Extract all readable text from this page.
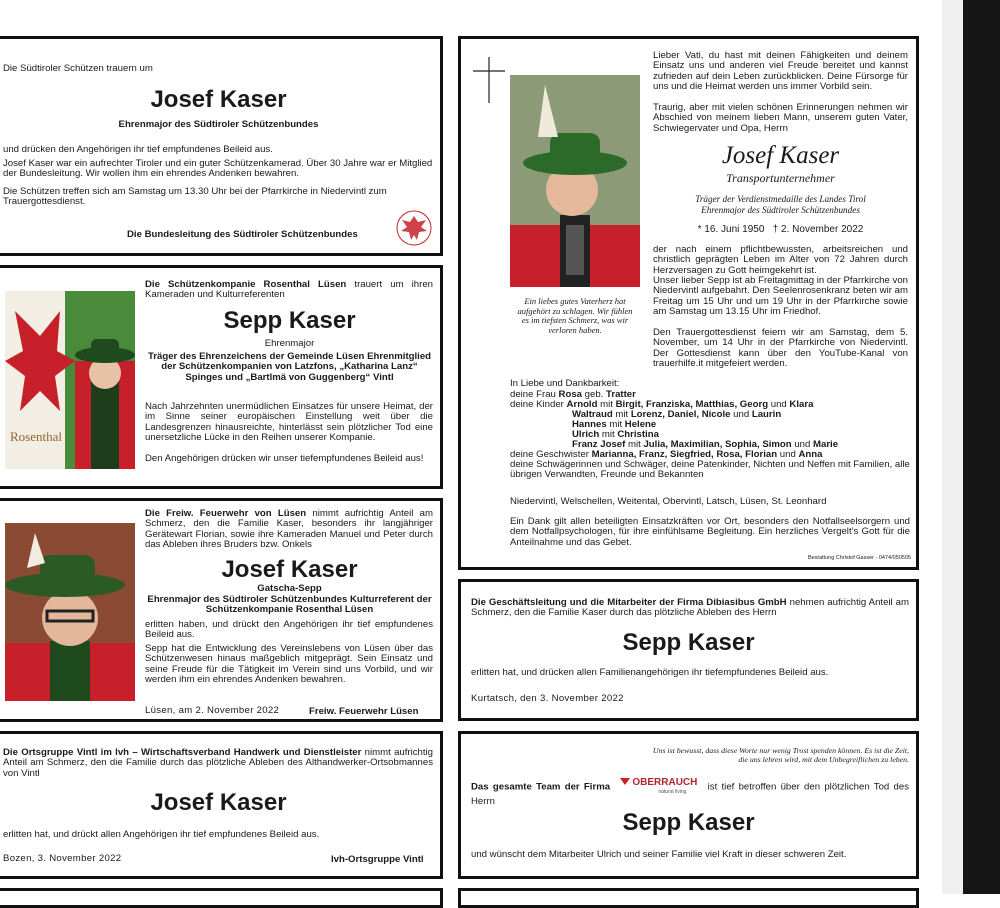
Die Südtiroler Schützen trauern um

Josef Kaser

Ehrenmajor des Südtiroler Schützenbundes

und drücken den Angehörigen ihr tief empfundenes Beileid aus.

Josef Kaser war ein aufrechter Tiroler und ein guter Schützenkamerad. Über 30 Jahre war er Mitglied der Bundesleitung. Wir wollen ihm ein ehrendes Andenken bewahren.

Die Schützen treffen sich am Samstag um 13.30 Uhr bei der Pfarrkirche in Niedervintl zum Trauergottesdienst.

Die Bundesleitung des Südtiroler Schützenbundes

Rosenthal

Die Schützenkompanie Rosenthal Lüsen trauert um ihren Kameraden und Kulturreferenten

Sepp Kaser

Ehrenmajor

Träger des Ehrenzeichens der Gemeinde Lüsen Ehrenmitglied der Schützenkompanien von Latzfons, „Katharina Lanz“ Spinges und „Bartlmä von Guggenberg“ Vintl

Nach Jahrzehnten unermüdlichen Einsatzes für unsere Heimat, der im Sinne seiner europäischen Einstellung weit über die Landesgrenzen hinausreichte, hinterlässt sein plötzlicher Tod eine unersetzliche Lücke in den Reihen unserer Kompanie.

Den Angehörigen drücken wir unser tiefempfundenes Beileid aus!

Die Freiw. Feuerwehr von Lüsen nimmt aufrichtig Anteil am Schmerz, den die Familie Kaser, besonders ihr langjähriger Gerätewart Florian, sowie ihre Kameraden Manuel und Peter durch das Ableben ihres Bruders bzw. Onkels

Josef Kaser

Gatscha-Sepp

Ehrenmajor des Südtiroler Schützenbundes Kulturreferent der Schützenkompanie Rosenthal Lüsen

erlitten haben, und drückt den Angehörigen ihr tief empfundenes Beileid aus.

Sepp hat die Entwicklung des Vereinslebens von Lüsen über das Schützenwesen hinaus maßgeblich mitgeprägt. Sein Einsatz und seine Freude für die Tätigkeit im Verein sind uns Vorbild, und wir werden ihm ein ehrendes Andenken bewahren.

Lüsen, am 2. November 2022	Freiw. Feuerwehr Lüsen

Die Ortsgruppe Vintl im lvh – Wirtschaftsverband Handwerk und Dienstleister nimmt aufrichtig Anteil am Schmerz, den die Familie durch das plötzliche Ableben des Althandwerker-Ortsobmannes von Vintl

Josef Kaser

erlitten hat, und drückt allen Angehörigen ihr tief empfundenes Beileid aus.

Bozen, 3. November 2022	lvh-Ortsgruppe Vintl

Ein liebes gutes Vaterherz hat aufgehört zu schlagen. Wir fühlen es im tiefsten Schmerz, was wir verloren haben.

Lieber Vati, du hast mit deinen Fähigkeiten und deinem Einsatz uns und anderen viel Freude bereitet und kannst zufrieden auf dein Leben zurückblicken. Deine Fürsorge für uns und die Heimat werden uns immer Vorbild sein.

Traurig, aber mit vielen schönen Erinnerungen nehmen wir Abschied von meinem lieben Mann, unserem guten Vater, Schwiegervater und Opa, Herrn

Josef Kaser

Transportunternehmer

Träger der Verdienstmedaille des Landes Tirol

Ehrenmajor des Südtiroler Schützenbundes

* 16. Juni 1950 † 2. November 2022

der nach einem pflichtbewussten, arbeitsreichen und christlich geprägten Leben im Alter von 72 Jahren durch Herzversagen zu Gott heimgekehrt ist.

Unser lieber Sepp ist ab Freitagmittag in der Pfarrkirche von Niedervintl aufgebahrt. Den Seelenrosenkranz beten wir am Freitag um 15 Uhr und um 19 Uhr in der Pfarrkirche sowie am Samstag um 13.15 Uhr im Friedhof.

Den Trauergottesdienst feiern wir am Samstag, dem 5. November, um 14 Uhr in der Pfarrkirche von Niedervintl. Der Gottesdienst kann über den YouTube-Kanal von trauerhilfe.it mitgefeiert werden.

In Liebe und Dankbarkeit:

deine Frau Rosa geb. Tratter

deine Kinder Arnold mit Birgit, Franziska, Matthias, Georg und Klara

Waltraud mit Lorenz, Daniel, Nicole und Laurin

Hannes mit Helene

Ulrich mit Christina

Franz Josef mit Julia, Maximilian, Sophia, Simon und Marie

deine Geschwister Marianna, Franz, Siegfried, Rosa, Florian und Anna

deine Schwägerinnen und Schwäger, deine Patenkinder, Nichten und Neffen mit Familien, alle übrigen Verwandten, Freunde und Bekannten

Niedervintl, Welschellen, Weitental, Obervintl, Latsch, Lüsen, St. Leonhard

Ein Dank gilt allen beteiligten Einsatzkräften vor Ort, besonders den Notfallseelsorgern und dem Notfallpsychologen, für ihre einfühlsame Begleitung. Ein herzliches Vergelt’s Gott für die Anteilnahme und das Gebet.

Bestattung Christof Gasser - 0474/050505

Die Geschäftsleitung und die Mitarbeiter der Firma Dibiasibus GmbH nehmen aufrichtig Anteil am Schmerz, den die Familie Kaser durch das plötzliche Ableben des Herrn

Sepp Kaser

erlitten hat, und drücken allen Familienangehörigen ihr tiefempfundenes Beileid aus.

Kurtatsch, den 3. November 2022

Uns ist bewusst, dass diese Worte nur wenig Trost spenden können. Es ist die Zeit, die uns lehren wird, mit dem Unbegreiflichen zu leben.

Das gesamte Team der Firma OBERRAUCH
natural living ist tief betroffen über den plötzlichen Tod des Herrn

Sepp Kaser

und wünscht dem Mitarbeiter Ulrich und seiner Familie viel Kraft in dieser schweren Zeit.
